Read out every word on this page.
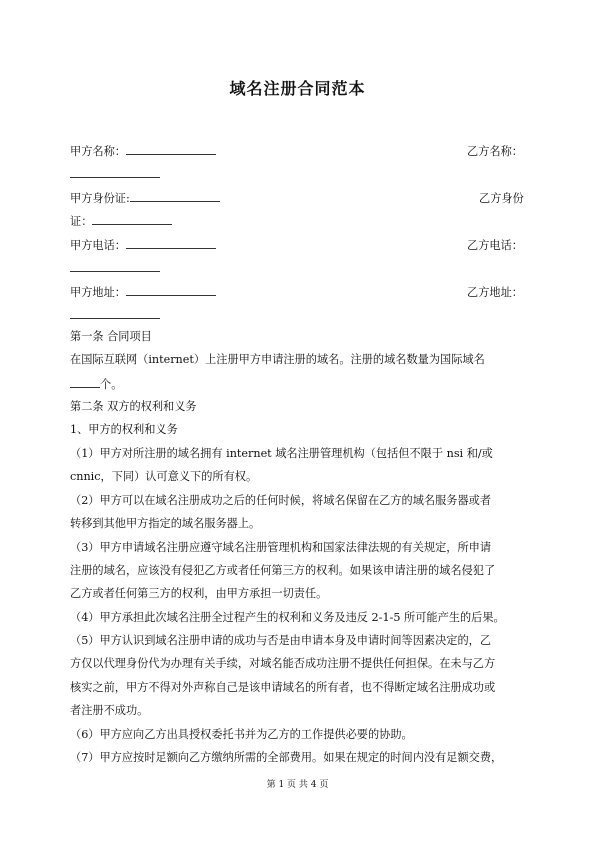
域名注册合同范本
甲方名称：	乙方名称：
甲方身份证:	乙方身份
证：
甲方电话：	乙方电话：
甲方地址：	乙方地址：
第一条 合同项目
在国际互联网（internet）上注册甲方申请注册的域名。注册的域名数量为国际域名
个。
第二条 双方的权利和义务
1、甲方的权利和义务
（1）甲方对所注册的域名拥有 internet 域名注册管理机构（包括但不限于 nsi 和/或
cnnic，下同）认可意义下的所有权。
（2）甲方可以在域名注册成功之后的任何时候，将域名保留在乙方的域名服务器或者
转移到其他甲方指定的域名服务器上。
（3）甲方申请域名注册应遵守域名注册管理机构和国家法律法规的有关规定，所申请
注册的域名，应该没有侵犯乙方或者任何第三方的权利。如果该申请注册的域名侵犯了
乙方或者任何第三方的权利，由甲方承担一切责任。
（4）甲方承担此次域名注册全过程产生的权利和义务及违反 2-1-5 所可能产生的后果。
（5）甲方认识到域名注册申请的成功与否是由申请本身及申请时间等因素决定的，乙
方仅以代理身份代为办理有关手续，对域名能否成功注册不提供任何担保。在未与乙方
核实之前，甲方不得对外声称自己是该申请域名的所有者，也不得断定域名注册成功或
者注册不成功。
（6）甲方应向乙方出具授权委托书并为乙方的工作提供必要的协助。
（7）甲方应按时足额向乙方缴纳所需的全部费用。如果在规定的时间内没有足额交费，
第 1 页 共 4 页
